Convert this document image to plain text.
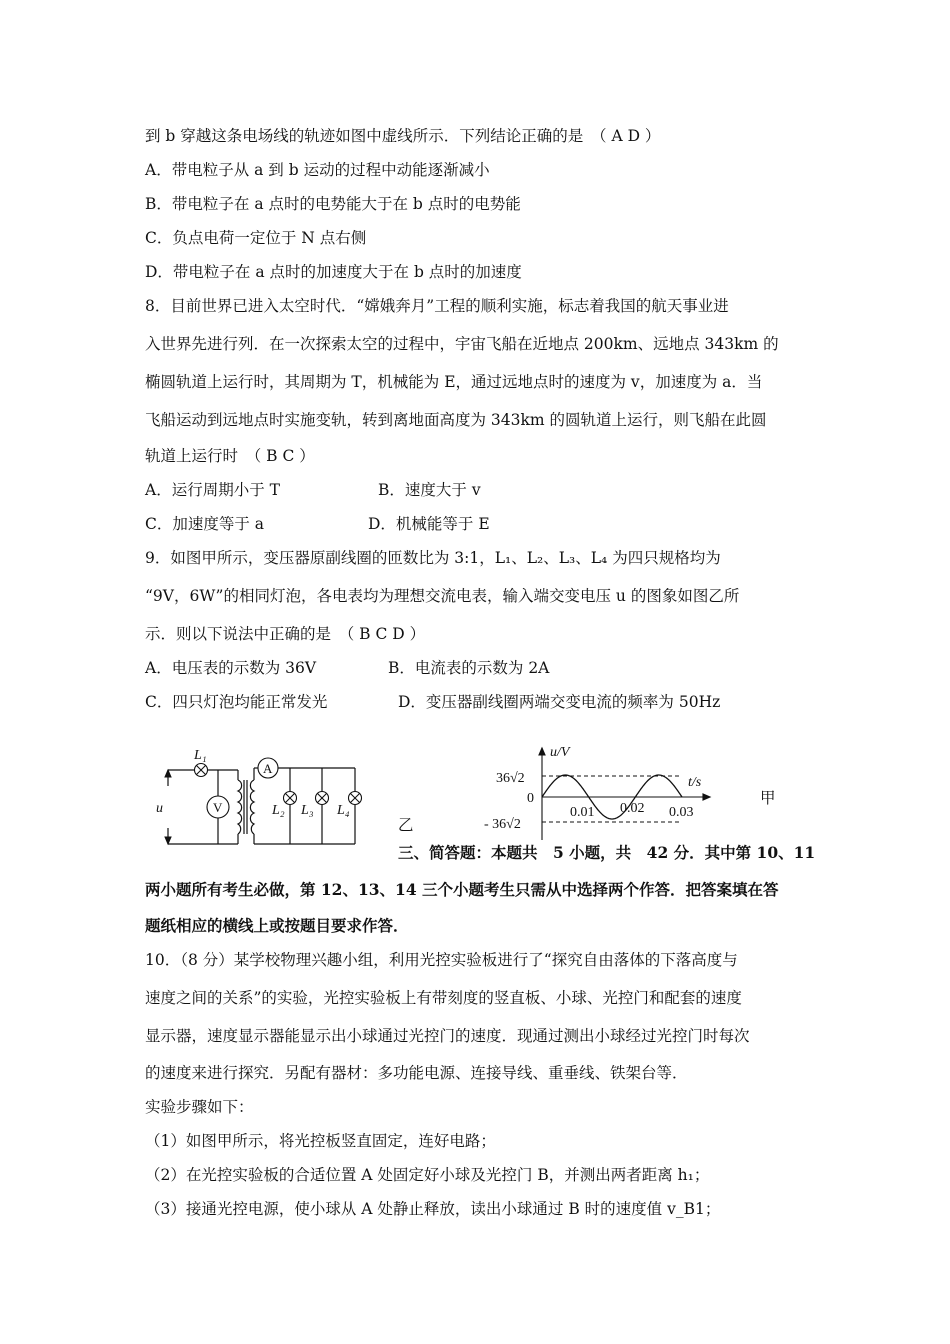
到 b 穿越这条电场线的轨迹如图中虚线所示．下列结论正确的是　（ A D ）
A．带电粒子从 a 到 b 运动的过程中动能逐渐减小
B．带电粒子在 a 点时的电势能大于在 b 点时的电势能
C．负点电荷一定位于 N 点右侧
D．带电粒子在 a 点时的加速度大于在 b 点时的加速度
8．目前世界已进入太空时代．“嫦娥奔月”工程的顺利实施，标志着我国的航天事业进
入世界先进行列．在一次探索太空的过程中，宇宙飞船在近地点 200km、远地点 343km 的
椭圆轨道上运行时，其周期为 T，机械能为 E，通过远地点时的速度为 v，加速度为 a．当
飞船运动到远地点时实施变轨，转到离地面高度为 343km 的圆轨道上运行，则飞船在此圆
轨道上运行时　（ B C ）
A．运行周期小于 T	B．速度大于 v
C．加速度等于 a	D．机械能等于 E
9．如图甲所示，变压器原副线圈的匝数比为 3:1，L₁、L₂、L₃、L₄ 为四只规格均为
“9V，6W”的相同灯泡，各电表均为理想交流电表，输入端交变电压 u 的图象如图乙所
示．则以下说法中正确的是　（ B C D ）
A．电压表的示数为 36V	B．电流表的示数为 2A
C．四只灯泡均能正常发光	D．变压器副线圈两端交变电流的频率为 50Hz
u
L₁
L₂ L₃ L₄
V
A
u/V
t/s
36√2
- 36√2
0
0.01 0.02 0.03
甲
乙
三、简答题：本题共　5 小题，共　42 分．其中第 10、11
两小题所有考生必做，第 12、13、14 三个小题考生只需从中选择两个作答．把答案填在答
题纸相应的横线上或按题目要求作答．
10．（8 分）某学校物理兴趣小组，利用光控实验板进行了“探究自由落体的下落高度与
速度之间的关系”的实验，光控实验板上有带刻度的竖直板、小球、光控门和配套的速度
显示器，速度显示器能显示出小球通过光控门的速度．现通过测出小球经过光控门时每次
的速度来进行探究．另配有器材：多功能电源、连接导线、重垂线、铁架台等．
实验步骤如下：
（1）如图甲所示，将光控板竖直固定，连好电路；
（2）在光控实验板的合适位置 A 处固定好小球及光控门 B，并测出两者距离 h₁；
（3）接通光控电源，使小球从 A 处静止释放，读出小球通过 B 时的速度值 v_B1；
